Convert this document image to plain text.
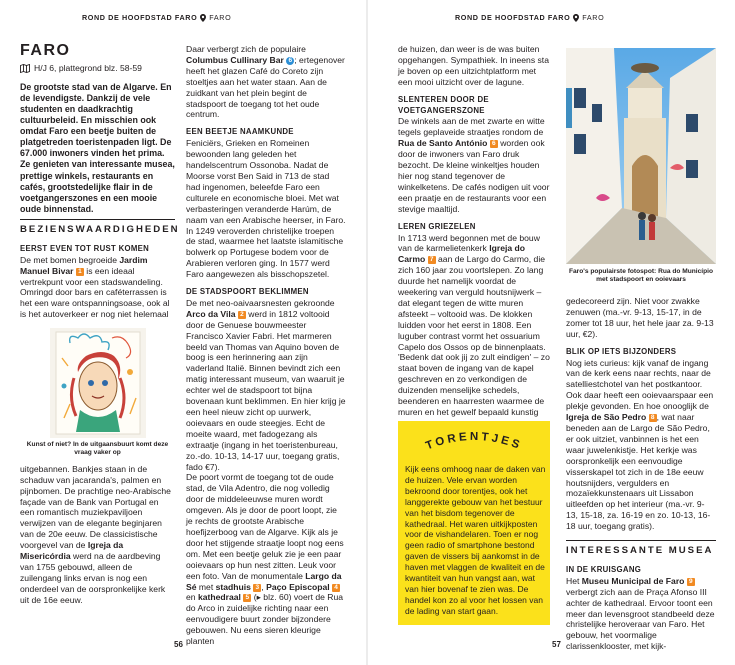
ROND DE HOOFDSTAD FARO FARO
FARO
H/J 6, plattegrond blz. 58-59

De grootste stad van de Algarve. En de levendigste. Dankzij de vele studenten en daadkrachtig cultuurbeleid. En misschien ook omdat Faro een beetje buiten de platgetreden toeristenpaden ligt. De 67.000 inwoners vinden het prima. Ze genieten van interessante musea, prettige winkels, restaurants en cafés, grootstedelijke flair in de voetgangerszones en een mooie oude binnenstad.

BEZIENSWAARDIGHEDEN
EERST EVEN TOT RUST KOMEN

De met bomen begroeide Jardim Manuel Bivar 1 is een ideaal vertrekpunt voor een stadswandeling. Omringd door bars en caféterrassen is het een ware ontspanningsoase, ook al is het autoverkeer er nog niet helemaal

Kunst of niet? In de uitgaansbuurt komt deze vraag vaker op

uitgebannen. Bankjes staan in de schaduw van jacaranda's, palmen en pijnbomen. De prachtige neo-Arabische façade van de Bank van Portugal en een romantisch muziekpaviljoen verwijzen van de elegante beginjaren van de 20e eeuw. De classicistische voorgevel van de Igreja da Misericórdia werd na de aardbeving van 1755 gebouwd, alleen de zuilengang links ervan is nog een onderdeel van de oorspronkelijke kerk uit de 16e eeuw.

Daar verbergt zich de populaire Columbus Cullinary Bar 6 ; ertegenover heeft het glazen Café do Coreto zijn stoeltjes aan het water staan. Aan de zuidkant van het plein begint de stadspoort de toegang tot het oude centrum.

EEN BEETJE NAAMKUNDE

Feniciërs, Grieken en Romeinen bewoonden lang geleden het handelscentrum Ossonoba. Nadat de Moorse vorst Ben Said in 713 de stad had ingenomen, beleefde Faro een culturele en economische bloei. Met wat verbasteringen veranderde Harúm, de naam van een Arabische heerser, in Faro. In 1249 veroverden christelijke troepen de stad, waarmee het laatste islamitische bolwerk op Portugese bodem voor de Arabieren verloren ging. In 1577 werd Faro aangewezen als bisschopszetel.

DE STADSPOORT BEKLIMMEN

De met neo-oaivaarsnesten gekroonde Arco da Vila 2 werd in 1812 voltooid door de Genuese bouwmeester Francisco Xavier Fabri. Het marmeren beeld van Thomas van Aquino boven de boog is een herinnering aan zijn vaderland Italië. Binnen bevindt zich een matig interessant museum, van waaruit je echter wel de stadspoort tot bijna bovenaan kunt beklimmen. En hier krijg je een heel nieuw zicht op uurwerk, ooievaars en oude steegjes. Echt de moeite waard, met fadogezang als extraatje (ingang in het toeristenbureau, zo.-do. 10-13, 14-17 uur, toegang gratis, fado €7).

De poort vormt de toegang tot de oude stad, de Vila Adentro, die nog volledig door de middeleeuwse muren wordt omgeven. Als je door de poort loopt, zie je rechts de grootste Arabische hoefijzerboog van de Algarve. Kijk als je door het stijgende straatje loopt nog eens om. Met een beetje geluk zie je een paar ooievaars op hun nest zitten. Leuk voor een foto. Van de monumentale Largo da Sé met stadhuis 3 , Paço Episcopal 4 en kathedraal 5 (▸ blz. 60) voert de Rua do Arco in zuidelijke richting naar een eenvoudigere buurt zonder bijzondere gebouwen. Nu eens sieren kleurige planten

56
ROND DE HOOFDSTAD FARO FARO

de huizen, dan weer is de was buiten opgehangen. Sympathiek. In ineens sta je boven op een uitzichtplatform met een mooi uitzicht over de lagune.

SLENTEREN DOOR DE VOETGANGERSZONE

De winkels aan de met zwarte en witte tegels geplaveide straatjes rondom de Rua de Santo António 6 worden ook door de inwoners van Faro druk bezocht. De kleine winkeltjes houden hier nog stand tegenover de winkelketens. De cafés nodigen uit voor een praatje en de restaurants voor een stevige maaltijd.

LEREN GRIEZELEN

In 1713 werd begonnen met de bouw van de karmelietenkerk Igreja do Carmo 7 aan de Largo do Carmo, die zich 160 jaar zou voortslepen. Zo lang duurde het namelijk voordat de weekering van verguld houtsnijwerk – dat elegant tegen de witte muren afsteekt – voltooid was. De klokken luidden voor het eerst in 1808. Een luguber contrast vormt het ossuarium Capelo dos Ossos op de binnenplaats. 'Bedenk dat ook jij zo zult eindigen' – zo staat boven de ingang van de kapel geschreven en zo verkondigen de duizenden menselijke schedels, beenderen en haarresten waarmee de muren en het gewelf bepaald kunstig

TORENTJES
Kijk eens omhoog naar de daken van de huizen. Vele ervan worden bekroond door torentjes, ook het langgerekte gebouw van het bestuur van het bisdom tegenover de kathedraal. Het waren uitkijkposten voor de vishandelaren. Toen er nog geen radio of smartphone bestond gaven de vissers bij aankomst in de haven met vlaggen de kwaliteit en de kwantiteit van hun vangst aan, wat van hier bovenaf te zien was. De handel kon zo al voor het lossen van de lading van start gaan.
Faro's populairste fotospot: Rua do Município met stadspoort en ooievaars

gedecoreerd zijn. Niet voor zwakke zenuwen (ma.-vr. 9-13, 15-17, in de zomer tot 18 uur, het hele jaar za. 9-13 uur, €2).

BLIK OP IETS BIJZONDERS

Nog iets curieus: kijk vanaf de ingang van de kerk eens naar rechts, naar de satelliestchotel van het postkantoor. Ook daar heeft een ooievaarspaar een plekje gevonden. En hoe onooglijk de Igreja de São Pedro 8 , wat naar beneden aan de Largo de São Pedro, er ook uitziet, vanbinnen is het een waar juwelenkistje. Het kerkje was oorspronkelijk een eenvoudige visserskapel tot zich in de 18e eeuw houtsnijders, vergulders en mozaïekkunstenaars uit Lissabon uitleefden op het interieur (ma.-vr. 9-13, 15-18, za. 16-19 en zo. 10-13, 16-18 uur, toegang gratis).

INTERESSANTE MUSEA
IN DE KRUISGANG

Het Museu Municipal de Faro 9 verbergt zich aan de Praça Afonso III achter de kathedraal. Ervoor toont een meer dan levensgroot standbeeld deze christelijke heroveraar van Faro. Het gebouw, het voormalige clarissenklooster, met kijk-

57
